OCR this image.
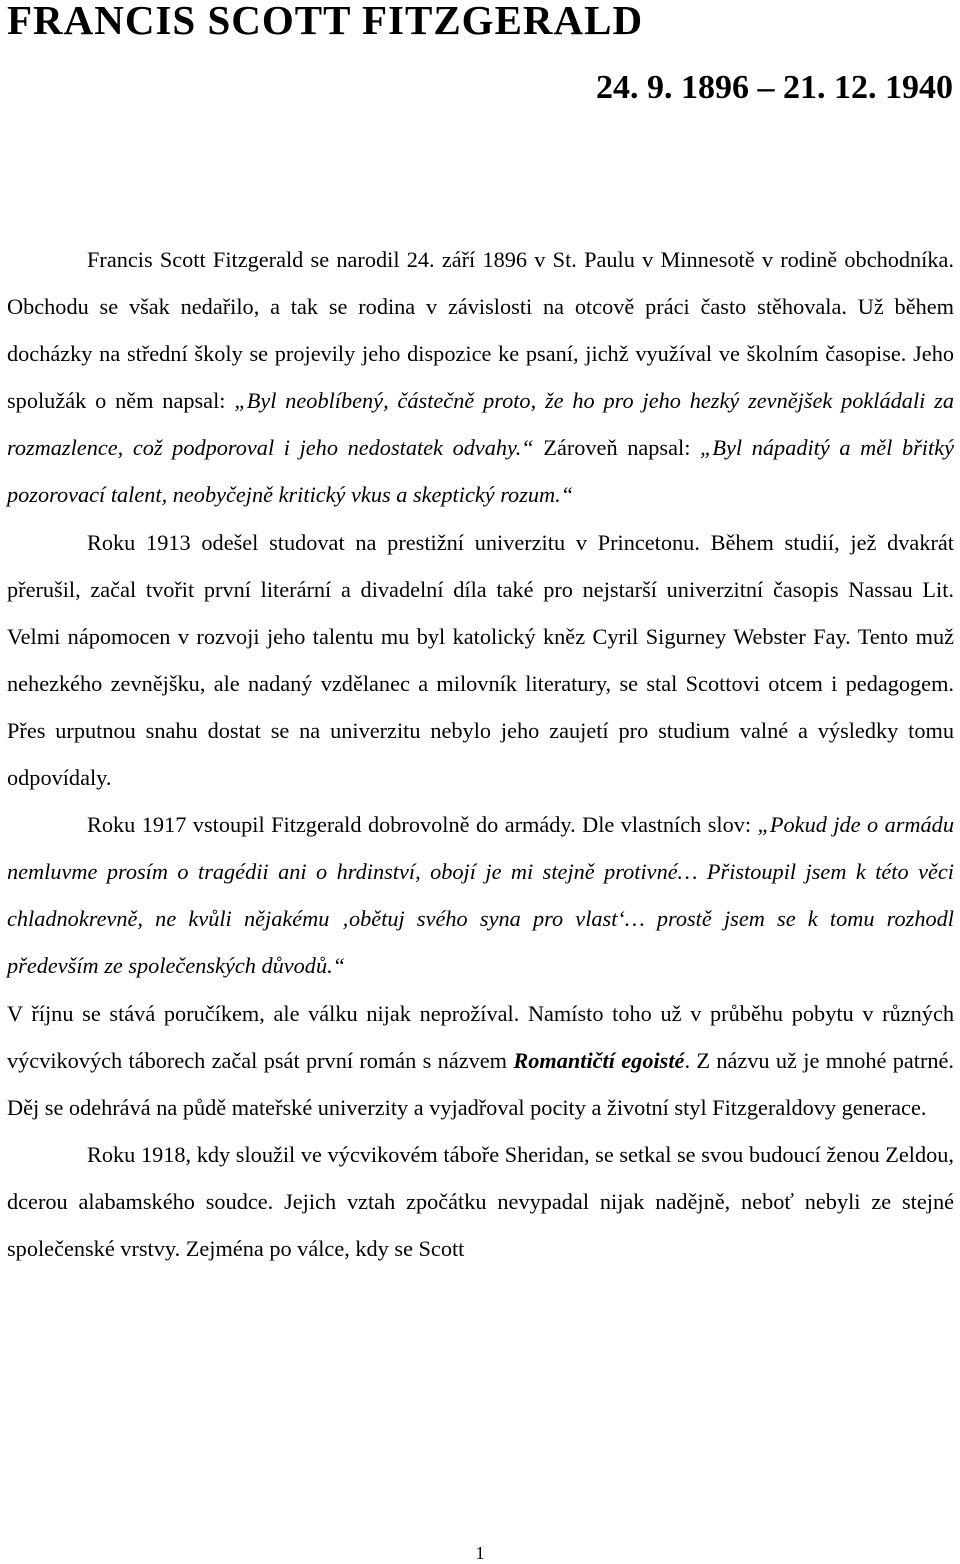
FRANCIS SCOTT FITZGERALD
24. 9. 1896 – 21. 12. 1940

Francis Scott Fitzgerald se narodil 24. září 1896 v St. Paulu v Minnesotě v rodině obchodníka. Obchodu se však nedařilo, a tak se rodina v závislosti na otcově práci často stěhovala. Už během docházky na střední školy se projevily jeho dispozice ke psaní, jichž využíval ve školním časopise. Jeho spolužák o něm napsal: „Byl neoblíbený, částečně proto, že ho pro jeho hezký zevnějšek pokládali za rozmazlence, což podporoval i jeho nedostatek odvahy.“ Zároveň napsal: „Byl nápaditý a měl břitký pozorovací talent, neobyčejně kritický vkus a skeptický rozum.“

Roku 1913 odešel studovat na prestižní univerzitu v Princetonu. Během studií, jež dvakrát přerušil, začal tvořit první literární a divadelní díla také pro nejstarší univerzitní časopis Nassau Lit. Velmi nápomocen v rozvoji jeho talentu mu byl katolický kněz Cyril Sigurney Webster Fay. Tento muž nehezkého zevnějšku, ale nadaný vzdělanec a milovník literatury, se stal Scottovi otcem i pedagogem. Přes urputnou snahu dostat se na univerzitu nebylo jeho zaujetí pro studium valné a výsledky tomu odpovídaly.

Roku 1917 vstoupil Fitzgerald dobrovolně do armády. Dle vlastních slov: „Pokud jde o armádu nemluvme prosím o tragédii ani o hrdinství, obojí je mi stejně protivné… Přistoupil jsem k této věci chladnokrevně, ne kvůli nějakému ‚obětuj svého syna pro vlast‘… prostě jsem se k tomu rozhodl především ze společenských důvodů.“

V říjnu se stává poručíkem, ale válku nijak neprožíval. Namísto toho už v průběhu pobytu v různých výcvikových táborech začal psát první román s názvem Romantičtí egoisté. Z názvu už je mnohé patrné. Děj se odehrává na půdě mateřské univerzity a vyjadřoval pocity a životní styl Fitzgeraldovy generace.

Roku 1918, kdy sloužil ve výcvikovém táboře Sheridan, se setkal se svou budoucí ženou Zeldou, dcerou alabamského soudce. Jejich vztah zpočátku nevypadal nijak nadějně, neboť nebyli ze stejné společenské vrstvy. Zejména po válce, kdy se Scott

1
